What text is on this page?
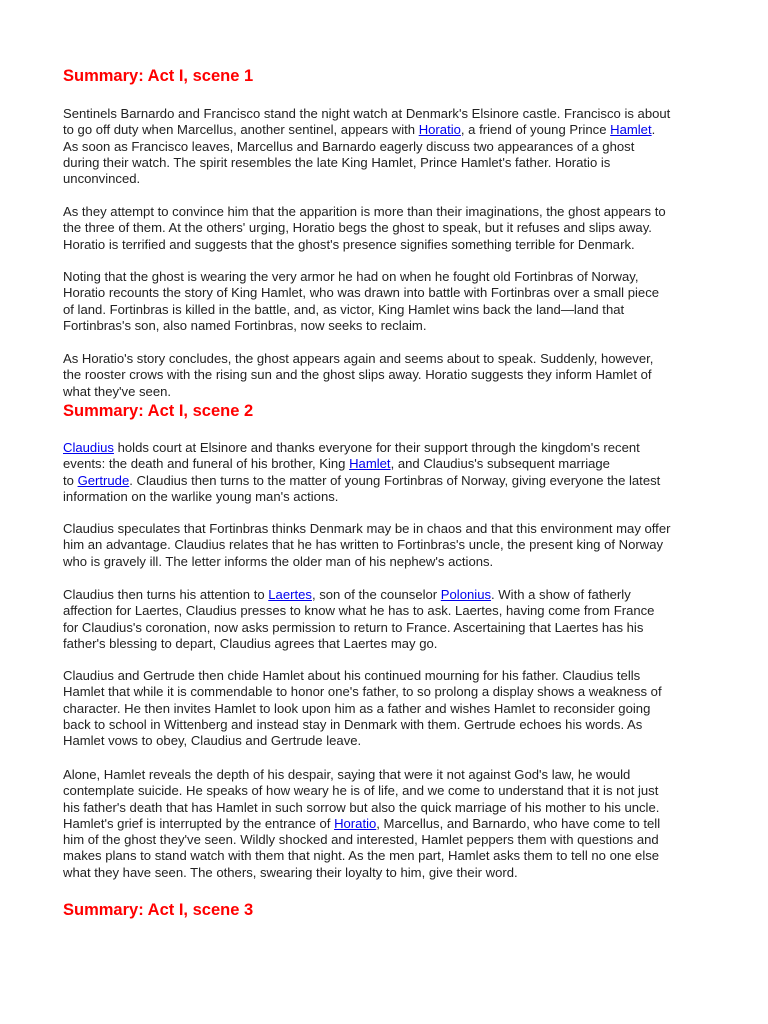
Summary: Act I, scene 1

Sentinels Barnardo and Francisco stand the night watch at Denmark's Elsinore castle. Francisco is about
to go off duty when Marcellus, another sentinel, appears with Horatio, a friend of young Prince Hamlet.
As soon as Francisco leaves, Marcellus and Barnardo eagerly discuss two appearances of a ghost
during their watch. The spirit resembles the late King Hamlet, Prince Hamlet's father. Horatio is
unconvinced.

As they attempt to convince him that the apparition is more than their imaginations, the ghost appears to
the three of them. At the others' urging, Horatio begs the ghost to speak, but it refuses and slips away.
Horatio is terrified and suggests that the ghost's presence signifies something terrible for Denmark.

Noting that the ghost is wearing the very armor he had on when he fought old Fortinbras of Norway,
Horatio recounts the story of King Hamlet, who was drawn into battle with Fortinbras over a small piece
of land. Fortinbras is killed in the battle, and, as victor, King Hamlet wins back the land—land that
Fortinbras's son, also named Fortinbras, now seeks to reclaim.

As Horatio's story concludes, the ghost appears again and seems about to speak. Suddenly, however,
the rooster crows with the rising sun and the ghost slips away. Horatio suggests they inform Hamlet of
what they've seen.

Summary: Act I, scene 2

Claudius holds court at Elsinore and thanks everyone for their support through the kingdom's recent
events: the death and funeral of his brother, King Hamlet, and Claudius's subsequent marriage
to Gertrude. Claudius then turns to the matter of young Fortinbras of Norway, giving everyone the latest
information on the warlike young man's actions.

Claudius speculates that Fortinbras thinks Denmark may be in chaos and that this environment may offer
him an advantage. Claudius relates that he has written to Fortinbras's uncle, the present king of Norway
who is gravely ill. The letter informs the older man of his nephew's actions.

Claudius then turns his attention to Laertes, son of the counselor Polonius. With a show of fatherly
affection for Laertes, Claudius presses to know what he has to ask. Laertes, having come from France
for Claudius's coronation, now asks permission to return to France. Ascertaining that Laertes has his
father's blessing to depart, Claudius agrees that Laertes may go.

Claudius and Gertrude then chide Hamlet about his continued mourning for his father. Claudius tells
Hamlet that while it is commendable to honor one's father, to so prolong a display shows a weakness of
character. He then invites Hamlet to look upon him as a father and wishes Hamlet to reconsider going
back to school in Wittenberg and instead stay in Denmark with them. Gertrude echoes his words. As
Hamlet vows to obey, Claudius and Gertrude leave.

Alone, Hamlet reveals the depth of his despair, saying that were it not against God's law, he would
contemplate suicide. He speaks of how weary he is of life, and we come to understand that it is not just
his father's death that has Hamlet in such sorrow but also the quick marriage of his mother to his uncle.
Hamlet's grief is interrupted by the entrance of Horatio, Marcellus, and Barnardo, who have come to tell
him of the ghost they've seen. Wildly shocked and interested, Hamlet peppers them with questions and
makes plans to stand watch with them that night. As the men part, Hamlet asks them to tell no one else
what they have seen. The others, swearing their loyalty to him, give their word.

Summary: Act I, scene 3
